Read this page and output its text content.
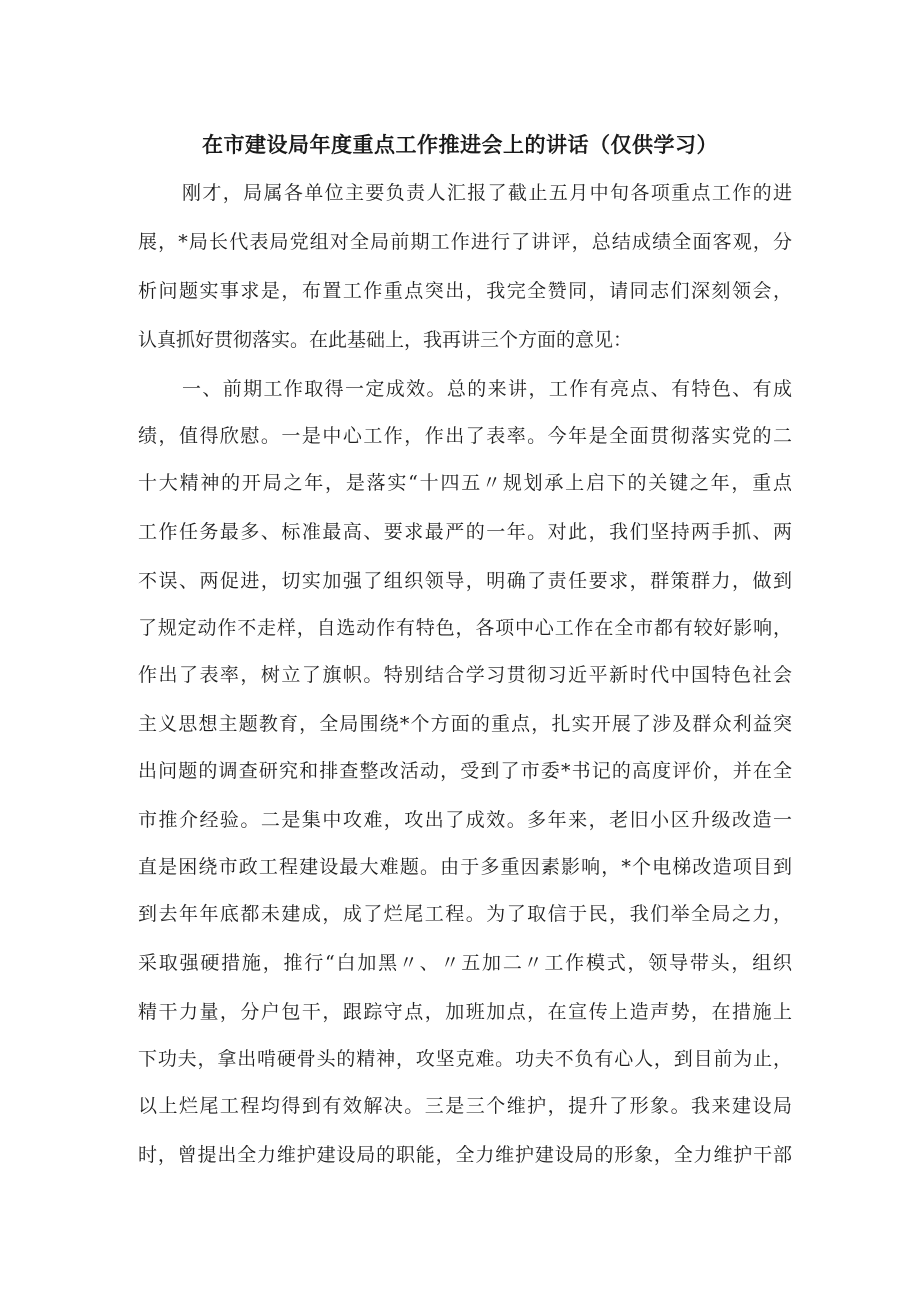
在市建设局年度重点工作推进会上的讲话（仅供学习）
刚才，局属各单位主要负责人汇报了截止五月中旬各项重点工作的进
展，*局长代表局党组对全局前期工作进行了讲评，总结成绩全面客观，分
析问题实事求是，布置工作重点突出，我完全赞同，请同志们深刻领会，
认真抓好贯彻落实。在此基础上，我再讲三个方面的意见：
一、前期工作取得一定成效。总的来讲，工作有亮点、有特色、有成
绩，值得欣慰。一是中心工作，作出了表率。今年是全面贯彻落实党的二
十大精神的开局之年，是落实“十四五〃规划承上启下的关键之年，重点
工作任务最多、标准最高、要求最严的一年。对此，我们坚持两手抓、两
不误、两促进，切实加强了组织领导，明确了责任要求，群策群力，做到
了规定动作不走样，自选动作有特色，各项中心工作在全市都有较好影响，
作出了表率，树立了旗帜。特别结合学习贯彻习近平新时代中国特色社会
主义思想主题教育，全局围绕*个方面的重点，扎实开展了涉及群众利益突
出问题的调查研究和排查整改活动，受到了市委*书记的高度评价，并在全
市推介经验。二是集中攻难，攻出了成效。多年来，老旧小区升级改造一
直是困绕市政工程建设最大难题。由于多重因素影响，*个电梯改造项目到
到去年年底都未建成，成了烂尾工程。为了取信于民，我们举全局之力，
采取强硬措施，推行“白加黑〃、〃五加二〃工作模式，领导带头，组织
精干力量，分户包干，跟踪守点，加班加点，在宣传上造声势，在措施上
下功夫，拿出啃硬骨头的精神，攻坚克难。功夫不负有心人，到目前为止，
以上烂尾工程均得到有效解决。三是三个维护，提升了形象。我来建设局
时，曾提出全力维护建设局的职能，全力维护建设局的形象，全力维护干部
